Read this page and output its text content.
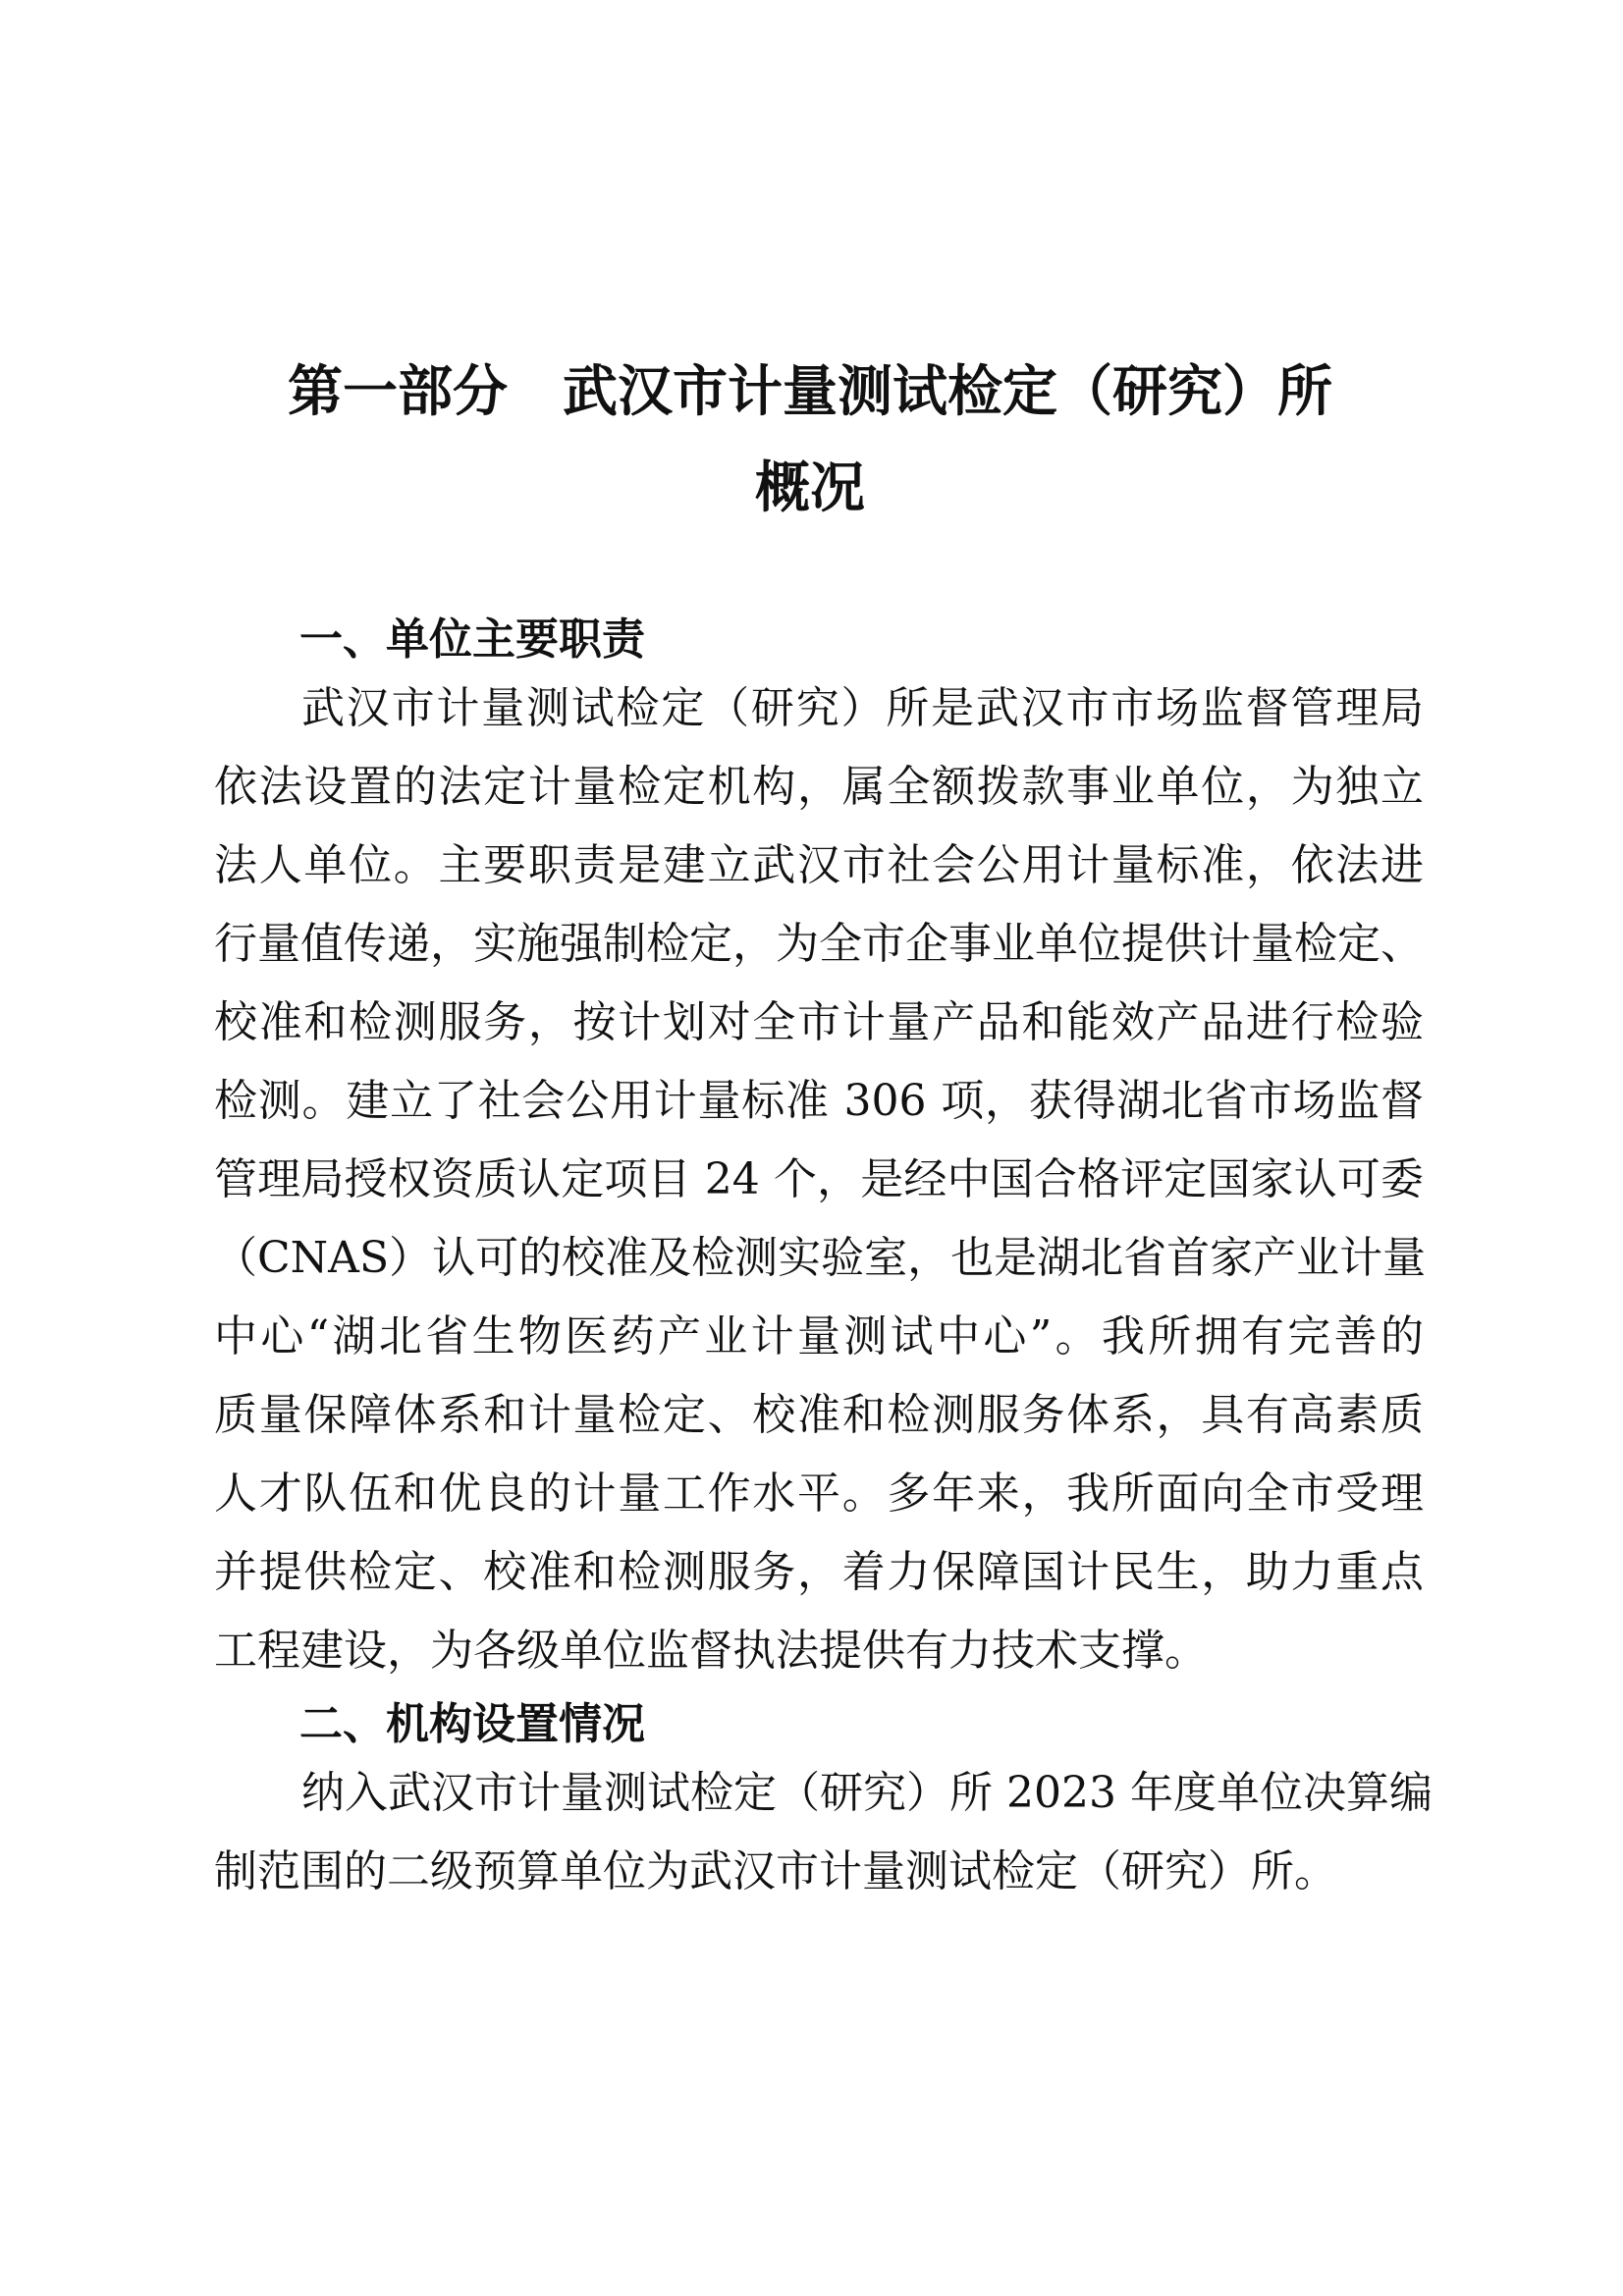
第一部分　武汉市计量测试检定（研究）所
概况
一、单位主要职责
武汉市计量测试检定（研究）所是武汉市市场监督管理局
依法设置的法定计量检定机构，属全额拨款事业单位，为独立
法人单位。主要职责是建立武汉市社会公用计量标准，依法进
行量值传递，实施强制检定，为全市企事业单位提供计量检定、
校准和检测服务，按计划对全市计量产品和能效产品进行检验
检测。建立了社会公用计量标准 306 项，获得湖北省市场监督
管理局授权资质认定项目 24 个，是经中国合格评定国家认可委
（CNAS）认可的校准及检测实验室，也是湖北省首家产业计量
中心“湖北省生物医药产业计量测试中心”。我所拥有完善的
质量保障体系和计量检定、校准和检测服务体系，具有高素质
人才队伍和优良的计量工作水平。多年来，我所面向全市受理
并提供检定、校准和检测服务，着力保障国计民生，助力重点
工程建设，为各级单位监督执法提供有力技术支撑。
二、机构设置情况
纳入武汉市计量测试检定（研究）所 2023 年度单位决算编
制范围的二级预算单位为武汉市计量测试检定（研究）所。
